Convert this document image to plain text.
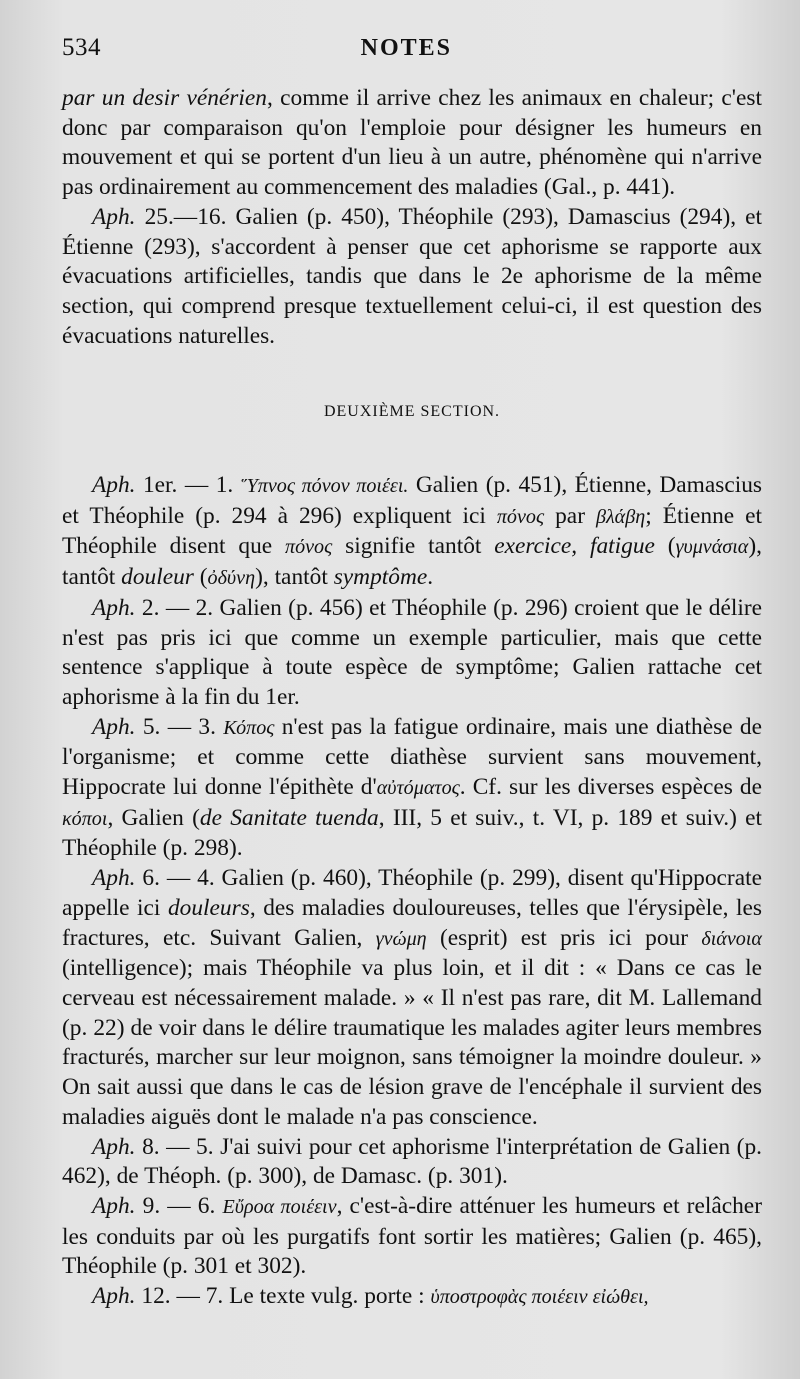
534	NOTES

par un desir vénérien, comme il arrive chez les animaux en chaleur; c'est donc par comparaison qu'on l'emploie pour désigner les humeurs en mouvement et qui se portent d'un lieu à un autre, phénomène qui n'arrive pas ordinairement au commencement des maladies (Gal., p. 441).

Aph. 25.—16. Galien (p. 450), Théophile (293), Damascius (294), et Étienne (293), s'accordent à penser que cet aphorisme se rapporte aux évacuations artificielles, tandis que dans le 2e aphorisme de la même section, qui comprend presque textuellement celui-ci, il est question des évacuations naturelles.

DEUXIÈME SECTION.

Aph. 1er. — 1. Ὕπνος πόνον ποιέει. Galien (p. 451), Étienne, Damascius et Théophile (p. 294 à 296) expliquent ici πόνος par βλάβη; Étienne et Théophile disent que πόνος signifie tantôt exercice, fatigue (γυμνάσια), tantôt douleur (ὀδύνη), tantôt symptôme.

Aph. 2. — 2. Galien (p. 456) et Théophile (p. 296) croient que le délire n'est pas pris ici que comme un exemple particulier, mais que cette sentence s'applique à toute espèce de symptôme; Galien rattache cet aphorisme à la fin du 1er.

Aph. 5. — 3. Κόπος n'est pas la fatigue ordinaire, mais une diathèse de l'organisme; et comme cette diathèse survient sans mouvement, Hippocrate lui donne l'épithète d'αὐτόματος. Cf. sur les diverses espèces de κόποι, Galien (de Sanitate tuenda, III, 5 et suiv., t. VI, p. 189 et suiv.) et Théophile (p. 298).

Aph. 6. — 4. Galien (p. 460), Théophile (p. 299), disent qu'Hippocrate appelle ici douleurs, des maladies douloureuses, telles que l'érysipèle, les fractures, etc. Suivant Galien, γνώμη (esprit) est pris ici pour διάνοια (intelligence); mais Théophile va plus loin, et il dit : « Dans ce cas le cerveau est nécessairement malade. » « Il n'est pas rare, dit M. Lallemand (p. 22) de voir dans le délire traumatique les malades agiter leurs membres fracturés, marcher sur leur moignon, sans témoigner la moindre douleur. » On sait aussi que dans le cas de lésion grave de l'encéphale il survient des maladies aiguës dont le malade n'a pas conscience.

Aph. 8. — 5. J'ai suivi pour cet aphorisme l'interprétation de Galien (p. 462), de Théoph. (p. 300), de Damasc. (p. 301).

Aph. 9. — 6. Εὔροα ποιέειν, c'est-à-dire atténuer les humeurs et relâcher les conduits par où les purgatifs font sortir les matières; Galien (p. 465), Théophile (p. 301 et 302).

Aph. 12. — 7. Le texte vulg. porte : ὑποστροφὰς ποιέειν εἰώθει,
